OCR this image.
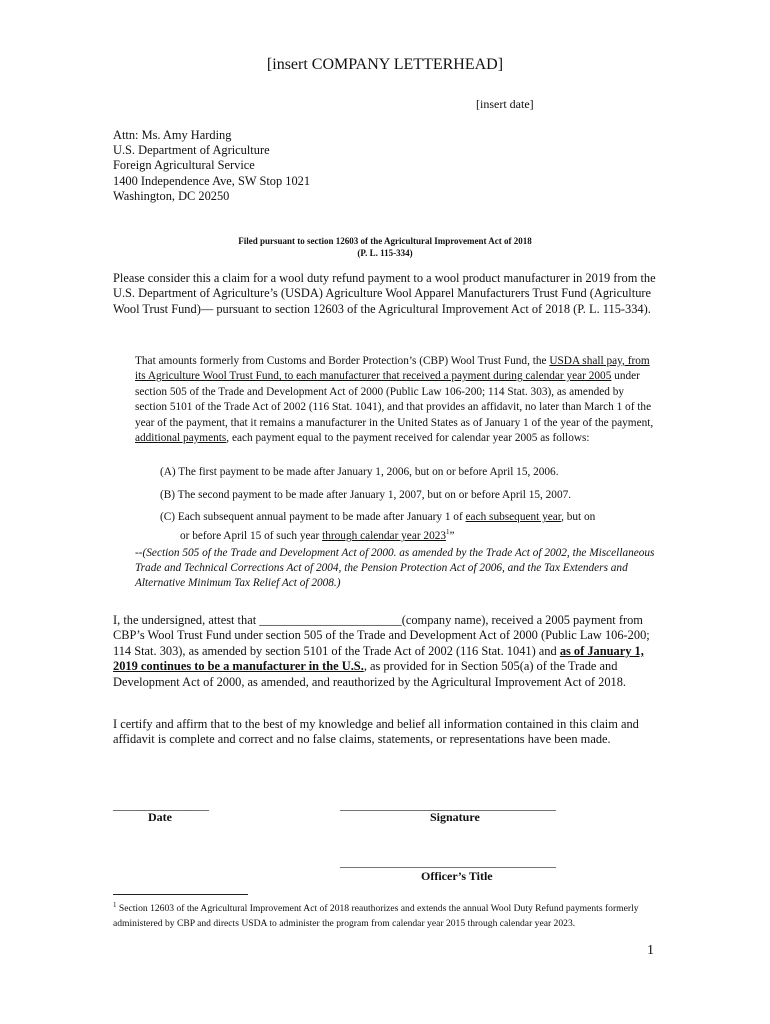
[insert COMPANY LETTERHEAD]
[insert date]
Attn: Ms. Amy Harding
U.S. Department of Agriculture
Foreign Agricultural Service
1400 Independence Ave, SW Stop 1021
Washington, DC 20250
Filed pursuant to section 12603 of the Agricultural Improvement Act of 2018
(P. L. 115-334)
Please consider this a claim for a wool duty refund payment to a wool product manufacturer in 2019 from the U.S. Department of Agriculture’s (USDA) Agriculture Wool Apparel Manufacturers Trust Fund (Agriculture Wool Trust Fund)— pursuant to section 12603 of the Agricultural Improvement Act of 2018 (P. L. 115-334).
That amounts formerly from Customs and Border Protection’s (CBP) Wool Trust Fund, the USDA shall pay, from its Agriculture Wool Trust Fund, to each manufacturer that received a payment during calendar year 2005 under section 505 of the Trade and Development Act of 2000 (Public Law 106-200; 114 Stat. 303), as amended by section 5101 of the Trade Act of 2002 (116 Stat. 1041), and that provides an affidavit, no later than March 1 of the year of the payment, that it remains a manufacturer in the United States as of January 1 of the year of the payment, additional payments, each payment equal to the payment received for calendar year 2005 as follows:
(A) The first payment to be made after January 1, 2006, but on or before April 15, 2006.
(B) The second payment to be made after January 1, 2007, but on or before April 15, 2007.
(C) Each subsequent annual payment to be made after January 1 of each subsequent year, but on
or before April 15 of such year through calendar year 2023$^1$”
--(Section 505 of the Trade and Development Act of 2000. as amended by the Trade Act of 2002, the Miscellaneous Trade and Technical Corrections Act of 2004, the Pension Protection Act of 2006, and the Tax Extenders and Alternative Minimum Tax Relief Act of 2008.)
I, the undersigned, attest that _______________________(company name), received a 2005 payment from CBP’s Wool Trust Fund under section 505 of the Trade and Development Act of 2000 (Public Law 106-200; 114 Stat. 303), as amended by section 5101 of the Trade Act of 2002 (116 Stat. 1041) and as of January 1, 2019 continues to be a manufacturer in the U.S., as provided for in Section 505(a) of the Trade and Development Act of 2000, as amended, and reauthorized by the Agricultural Improvement Act of 2018.
I certify and affirm that to the best of my knowledge and belief all information contained in this claim and affidavit is complete and correct and no false claims, statements, or representations have been made.
________________	____________________________________
Date	Signature
____________________________________
Officer’s Title
$^1$ Section 12603 of the Agricultural Improvement Act of 2018 reauthorizes and extends the annual Wool Duty Refund payments formerly administered by CBP and directs USDA to administer the program from calendar year 2015 through calendar year 2023.
1
